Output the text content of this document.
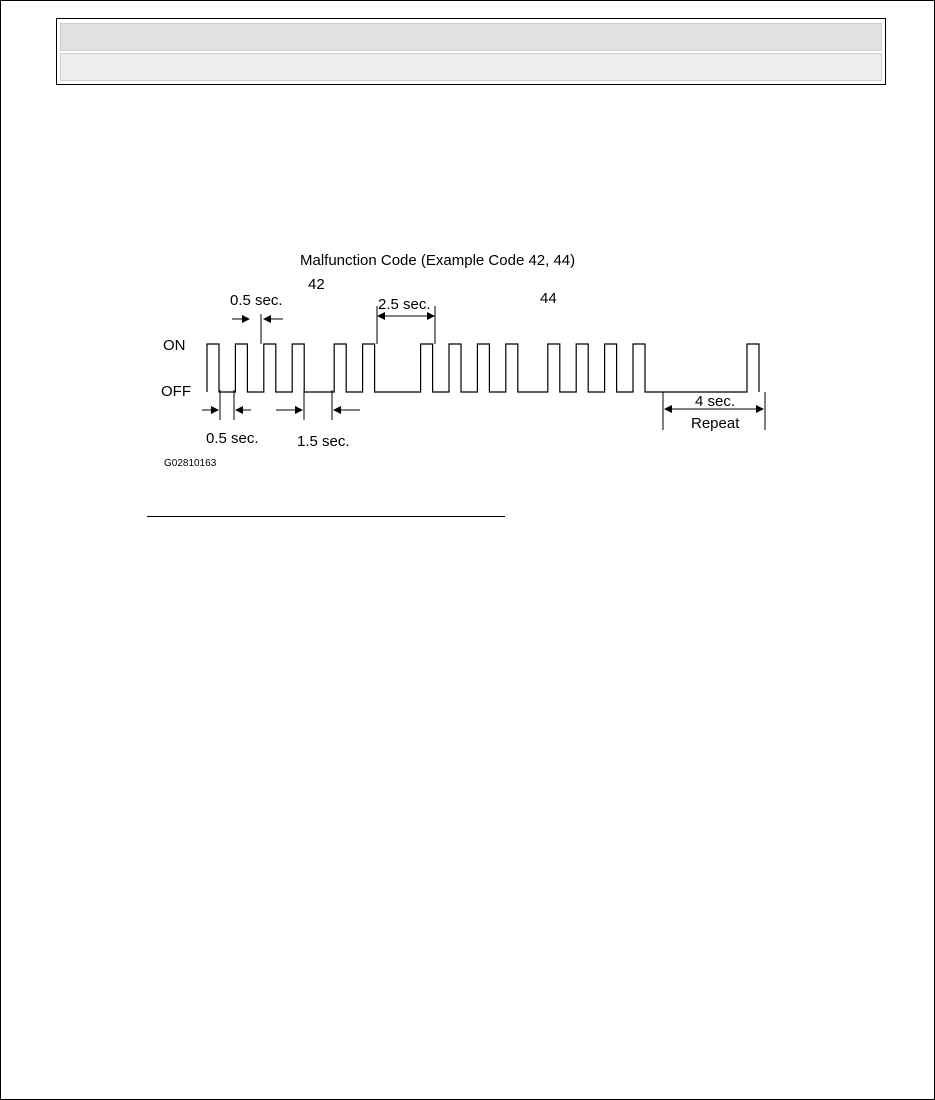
Malfunction Code (Example Code 42, 44)
42
44
ON
OFF
0.5 sec.	2.5 sec.
0.5 sec.	1.5 sec.
4 sec.
Repeat
G02810163
